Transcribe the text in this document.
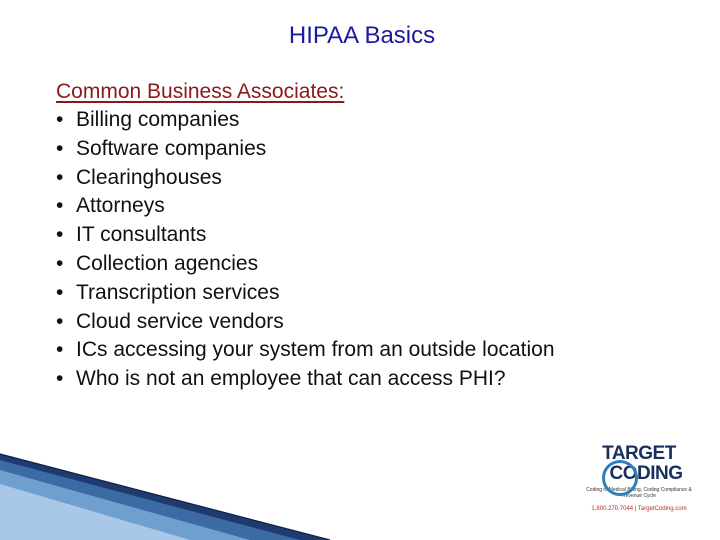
HIPAA Basics
Common Business Associates:
• Billing companies
• Software companies
• Clearinghouses
• Attorneys
• IT consultants
• Collection agencies
• Transcription services
• Cloud service vendors
• ICs accessing your system from an outside location
• Who is not an employee that can access PHI?
TARGET
CODING
Coding in Medical Billing, Coding Compliance & Revenue Cycle
1.800.270.7044 | TargetCoding.com
